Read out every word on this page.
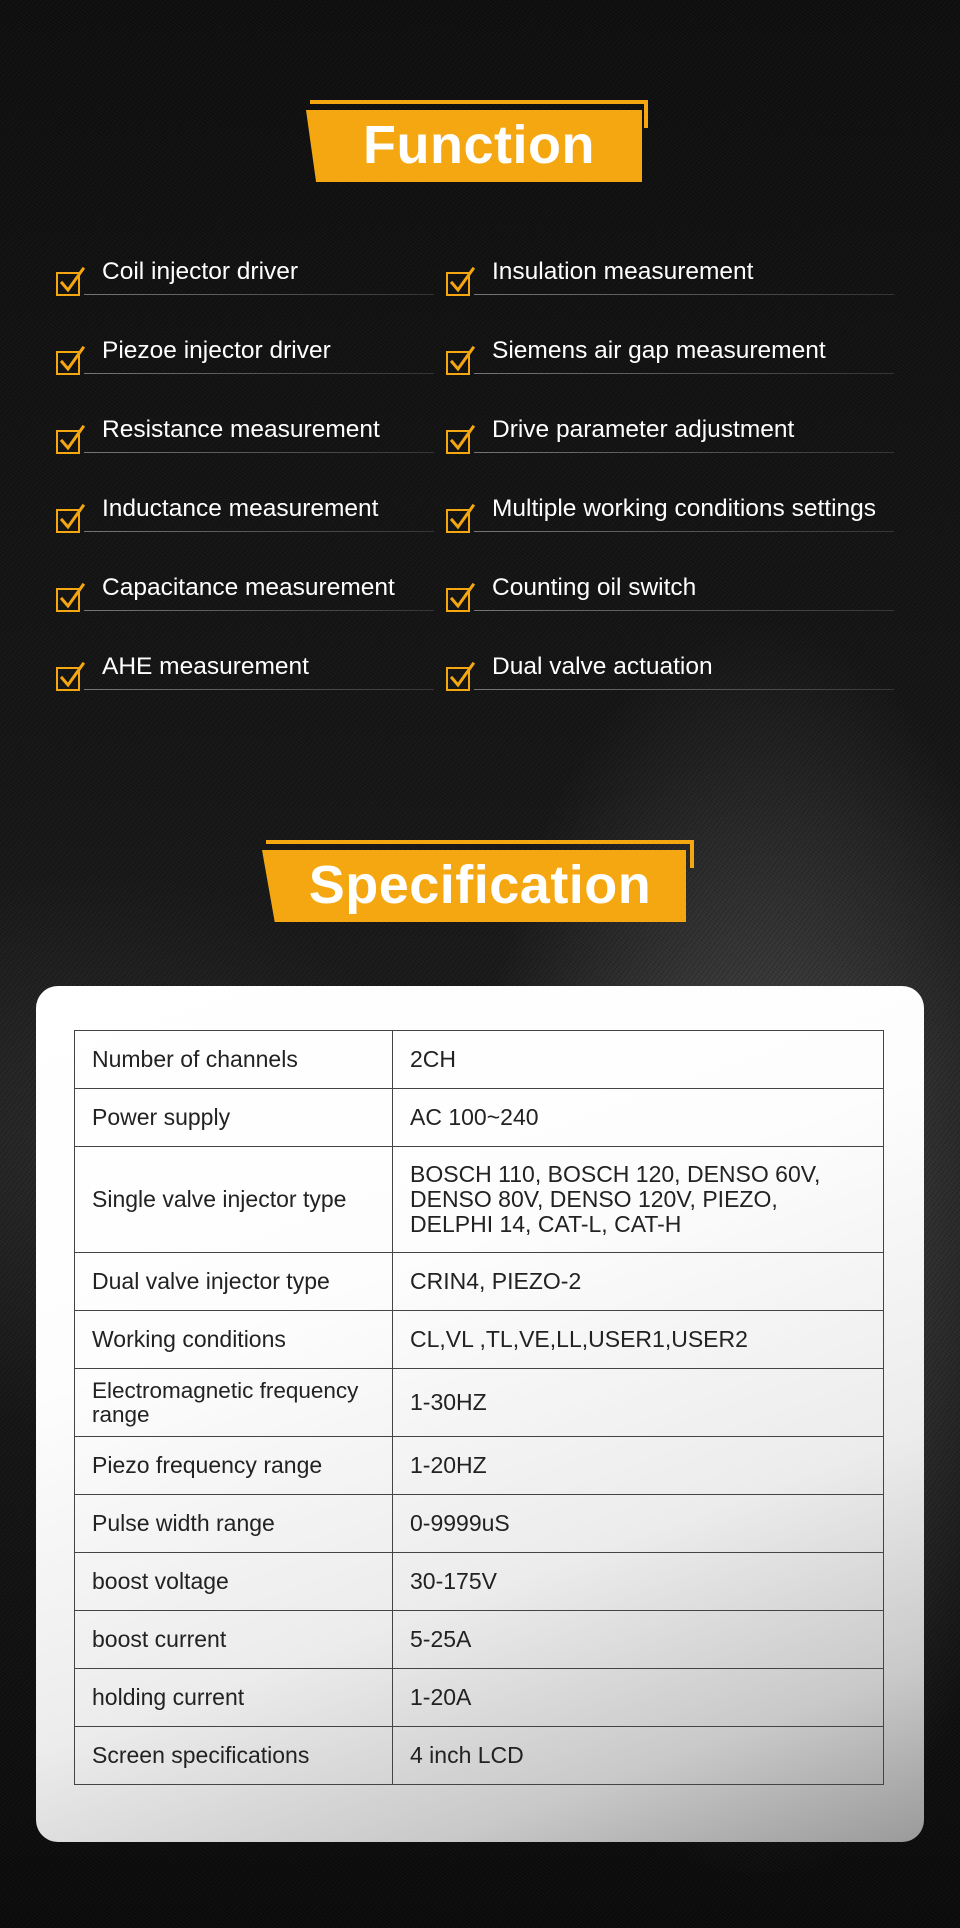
Function
Coil injector driver
Piezoe injector driver
Resistance measurement
Inductance measurement
Capacitance measurement
AHE measurement
Insulation measurement
Siemens air gap measurement
Drive parameter adjustment
Multiple working conditions settings
Counting oil switch
Dual valve actuation
Specification
Number of channels	2CH
Power supply	AC 100~240
Single valve injector type	BOSCH 110, BOSCH 120, DENSO 60V, DENSO 80V, DENSO 120V, PIEZO, DELPHI 14, CAT-L, CAT-H
Dual valve injector type	CRIN4, PIEZO-2
Working conditions	CL,VL ,TL,VE,LL,USER1,USER2
Electromagnetic frequency range	1-30HZ
Piezo frequency range	1-20HZ
Pulse width range	0-9999uS
boost voltage	30-175V
boost current	5-25A
holding current	1-20A
Screen specifications	4 inch LCD
